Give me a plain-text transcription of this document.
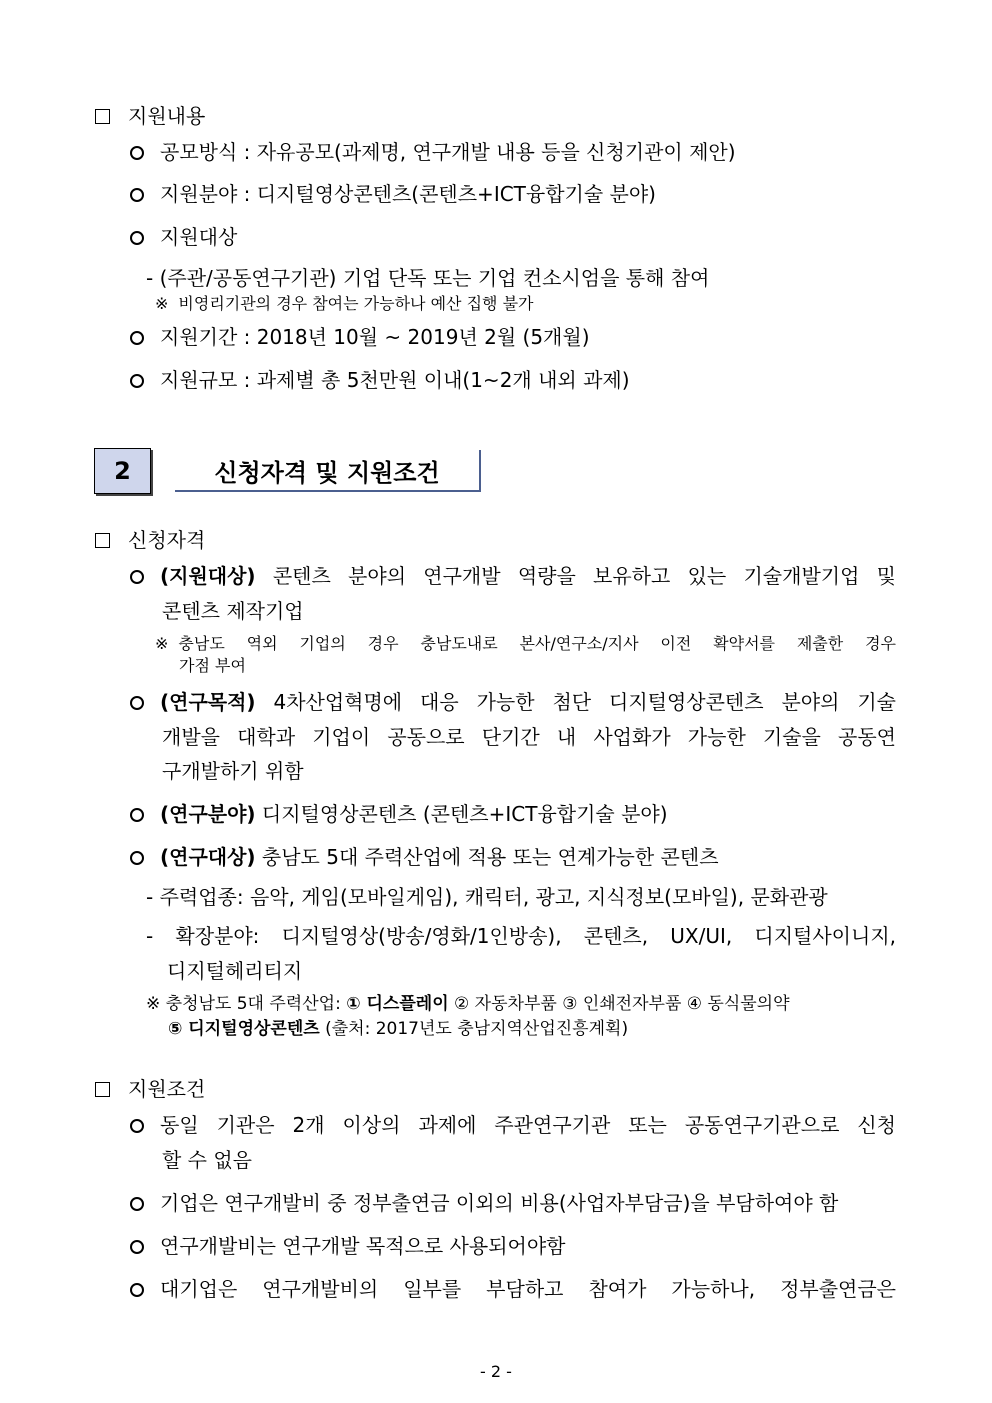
지원내용
공모방식 : 자유공모(과제명, 연구개발 내용 등을 신청기관이 제안)
지원분야 : 디지털영상콘텐츠(콘텐츠+ICT융합기술 분야)
지원대상
- (주관/공동연구기관) 기업 단독 또는 기업 컨소시엄을 통해 참여
※ 비영리기관의 경우 참여는 가능하나 예산 집행 불가
지원기간 : 2018년 10월 ~ 2019년 2월 (5개월)
지원규모 : 과제별 총 5천만원 이내(1~2개 내외 과제)
2	신청자격 및 지원조건
신청자격
(지원대상) 콘텐츠 분야의 연구개발 역량을 보유하고 있는 기술개발기업 및
콘텐츠 제작기업
※ 충남도 역외 기업의 경우 충남도내로 본사/연구소/지사 이전 확약서를 제출한 경우
가점 부여
(연구목적) 4차산업혁명에 대응 가능한 첨단 디지털영상콘텐츠 분야의 기술
개발을 대학과 기업이 공동으로 단기간 내 사업화가 가능한 기술을 공동연
구개발하기 위함
(연구분야) 디지털영상콘텐츠 (콘텐츠+ICT융합기술 분야)
(연구대상) 충남도 5대 주력산업에 적용 또는 연계가능한 콘텐츠
- 주력업종: 음악, 게임(모바일게임), 캐릭터, 광고, 지식정보(모바일), 문화관광
- 확장분야: 디지털영상(방송/영화/1인방송), 콘텐츠, UX/UI, 디지털사이니지,
디지털헤리티지
※ 충청남도 5대 주력산업: ① 디스플레이 ② 자동차부품 ③ 인쇄전자부품 ④ 동식물의약
⑤ 디지털영상콘텐츠 (출처: 2017년도 충남지역산업진흥계획)
지원조건
동일 기관은 2개 이상의 과제에 주관연구기관 또는 공동연구기관으로 신청
할 수 없음
기업은 연구개발비 중 정부출연금 이외의 비용(사업자부담금)을 부담하여야 함
연구개발비는 연구개발 목적으로 사용되어야함
대기업은 연구개발비의 일부를 부담하고 참여가 가능하나, 정부출연금은
- 2 -
